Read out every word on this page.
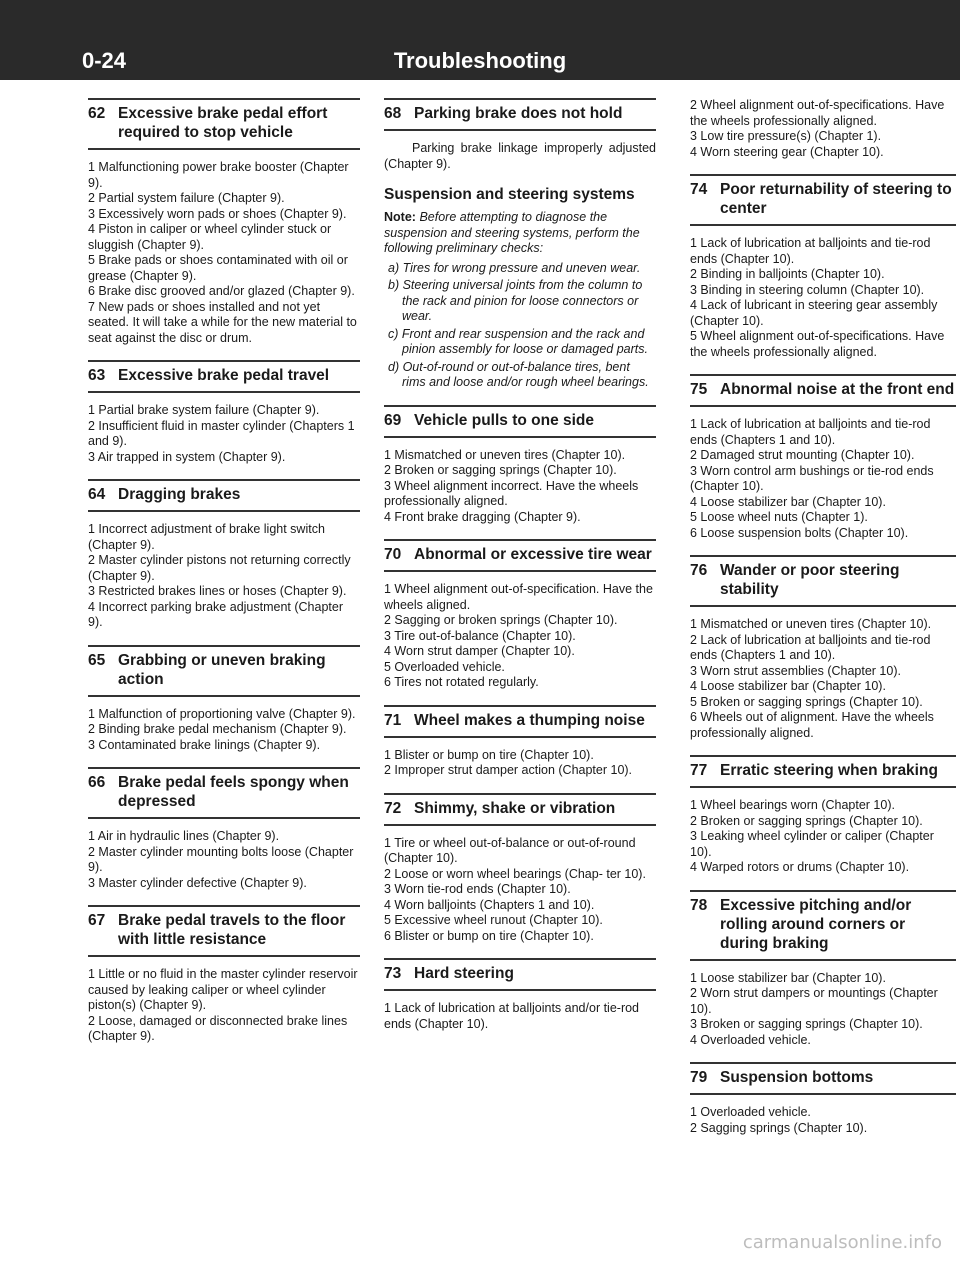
0-24	Troubleshooting
62 Excessive brake pedal effort required to stop vehicle

1 Malfunctioning power brake booster (Chapter 9).

2 Partial system failure (Chapter 9).

3 Excessively worn pads or shoes (Chapter 9).

4 Piston in caliper or wheel cylinder stuck or sluggish (Chapter 9).

5 Brake pads or shoes contaminated with oil or grease (Chapter 9).

6 Brake disc grooved and/or glazed (Chapter 9).

7 New pads or shoes installed and not yet seated. It will take a while for the new material to seat against the disc or drum.

63 Excessive brake pedal travel

1 Partial brake system failure (Chapter 9).

2 Insufficient fluid in master cylinder (Chapters 1 and 9).

3 Air trapped in system (Chapter 9).

64 Dragging brakes

1 Incorrect adjustment of brake light switch (Chapter 9).

2 Master cylinder pistons not returning correctly (Chapter 9).

3 Restricted brakes lines or hoses (Chapter 9).

4 Incorrect parking brake adjustment (Chapter 9).

65 Grabbing or uneven braking action

1 Malfunction of proportioning valve (Chapter 9).

2 Binding brake pedal mechanism (Chapter 9).

3 Contaminated brake linings (Chapter 9).

66 Brake pedal feels spongy when depressed

1 Air in hydraulic lines (Chapter 9).

2 Master cylinder mounting bolts loose (Chapter 9).

3 Master cylinder defective (Chapter 9).

67 Brake pedal travels to the floor with little resistance

1 Little or no fluid in the master cylinder reservoir caused by leaking caliper or wheel cylinder piston(s) (Chapter 9).

2 Loose, damaged or disconnected brake lines (Chapter 9).

68 Parking brake does not hold

Parking brake linkage improperly adjusted (Chapter 9).

Suspension and steering systems

Note: Before attempting to diagnose the suspension and steering systems, perform the following preliminary checks:

a) Tires for wrong pressure and uneven wear.

b) Steering universal joints from the column to the rack and pinion for loose connectors or wear.

c) Front and rear suspension and the rack and pinion assembly for loose or damaged parts.

d) Out-of-round or out-of-balance tires, bent rims and loose and/or rough wheel bearings.

69 Vehicle pulls to one side

1 Mismatched or uneven tires (Chapter 10).

2 Broken or sagging springs (Chapter 10).

3 Wheel alignment incorrect. Have the wheels professionally aligned.

4 Front brake dragging (Chapter 9).

70 Abnormal or excessive tire wear

1 Wheel alignment out-of-specification. Have the wheels aligned.

2 Sagging or broken springs (Chapter 10).

3 Tire out-of-balance (Chapter 10).

4 Worn strut damper (Chapter 10).

5 Overloaded vehicle.

6 Tires not rotated regularly.

71 Wheel makes a thumping noise

1 Blister or bump on tire (Chapter 10).

2 Improper strut damper action (Chapter 10).

72 Shimmy, shake or vibration

1 Tire or wheel out-of-balance or out-of-round (Chapter 10).

2 Loose or worn wheel bearings (Chap- ter 10).

3 Worn tie-rod ends (Chapter 10).

4 Worn balljoints (Chapters 1 and 10).

5 Excessive wheel runout (Chapter 10).

6 Blister or bump on tire (Chapter 10).

73 Hard steering

1 Lack of lubrication at balljoints and/or tie-rod ends (Chapter 10).

2 Wheel alignment out-of-specifications. Have the wheels professionally aligned.

3 Low tire pressure(s) (Chapter 1).

4 Worn steering gear (Chapter 10).

74 Poor returnability of steering to center

1 Lack of lubrication at balljoints and tie-rod ends (Chapter 10).

2 Binding in balljoints (Chapter 10).

3 Binding in steering column (Chapter 10).

4 Lack of lubricant in steering gear assembly (Chapter 10).

5 Wheel alignment out-of-specifications. Have the wheels professionally aligned.

75 Abnormal noise at the front end

1 Lack of lubrication at balljoints and tie-rod ends (Chapters 1 and 10).

2 Damaged strut mounting (Chapter 10).

3 Worn control arm bushings or tie-rod ends (Chapter 10).

4 Loose stabilizer bar (Chapter 10).

5 Loose wheel nuts (Chapter 1).

6 Loose suspension bolts (Chapter 10).

76 Wander or poor steering stability

1 Mismatched or uneven tires (Chapter 10).

2 Lack of lubrication at balljoints and tie-rod ends (Chapters 1 and 10).

3 Worn strut assemblies (Chapter 10).

4 Loose stabilizer bar (Chapter 10).

5 Broken or sagging springs (Chapter 10).

6 Wheels out of alignment. Have the wheels professionally aligned.

77 Erratic steering when braking

1 Wheel bearings worn (Chapter 10).

2 Broken or sagging springs (Chapter 10).

3 Leaking wheel cylinder or caliper (Chapter 10).

4 Warped rotors or drums (Chapter 10).

78 Excessive pitching and/or rolling around corners or during braking

1 Loose stabilizer bar (Chapter 10).

2 Worn strut dampers or mountings (Chapter 10).

3 Broken or sagging springs (Chapter 10).

4 Overloaded vehicle.

79 Suspension bottoms

1 Overloaded vehicle.

2 Sagging springs (Chapter 10).

carmanualsonline.info
